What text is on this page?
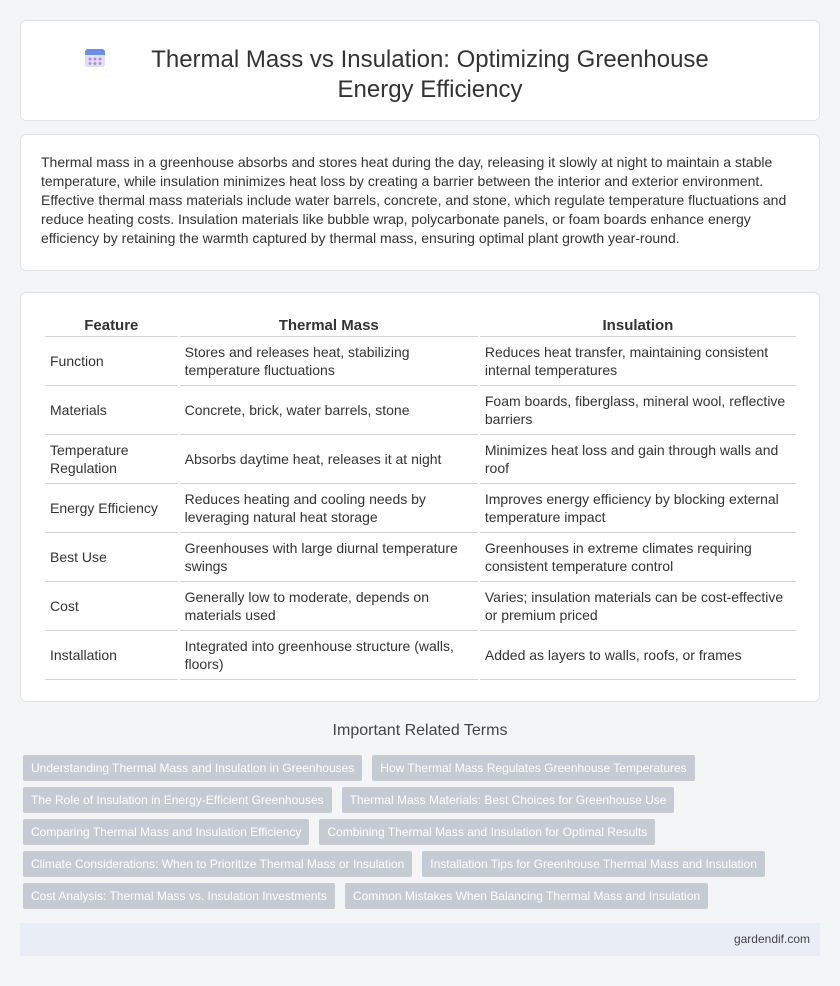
Thermal Mass vs Insulation: Optimizing Greenhouse Energy Efficiency

Thermal mass in a greenhouse absorbs and stores heat during the day, releasing it slowly at night to maintain a stable temperature, while insulation minimizes heat loss by creating a barrier between the interior and exterior environment. Effective thermal mass materials include water barrels, concrete, and stone, which regulate temperature fluctuations and reduce heating costs. Insulation materials like bubble wrap, polycarbonate panels, or foam boards enhance energy efficiency by retaining the warmth captured by thermal mass, ensuring optimal plant growth year-round.

Feature	Thermal Mass	Insulation
Function	Stores and releases heat, stabilizing temperature fluctuations	Reduces heat transfer, maintaining consistent internal temperatures
Materials	Concrete, brick, water barrels, stone	Foam boards, fiberglass, mineral wool, reflective barriers
Temperature Regulation	Absorbs daytime heat, releases it at night	Minimizes heat loss and gain through walls and roof
Energy Efficiency	Reduces heating and cooling needs by leveraging natural heat storage	Improves energy efficiency by blocking external temperature impact
Best Use	Greenhouses with large diurnal temperature swings	Greenhouses in extreme climates requiring consistent temperature control
Cost	Generally low to moderate, depends on materials used	Varies; insulation materials can be cost-effective or premium priced
Installation	Integrated into greenhouse structure (walls, floors)	Added as layers to walls, roofs, or frames
Important Related Terms
Understanding Thermal Mass and Insulation in Greenhouses	How Thermal Mass Regulates Greenhouse Temperatures
The Role of Insulation in Energy-Efficient Greenhouses	Thermal Mass Materials: Best Choices for Greenhouse Use
Comparing Thermal Mass and Insulation Efficiency	Combining Thermal Mass and Insulation for Optimal Results
Climate Considerations: When to Prioritize Thermal Mass or Insulation	Installation Tips for Greenhouse Thermal Mass and Insulation
Cost Analysis: Thermal Mass vs. Insulation Investments	Common Mistakes When Balancing Thermal Mass and Insulation
gardendif.com
